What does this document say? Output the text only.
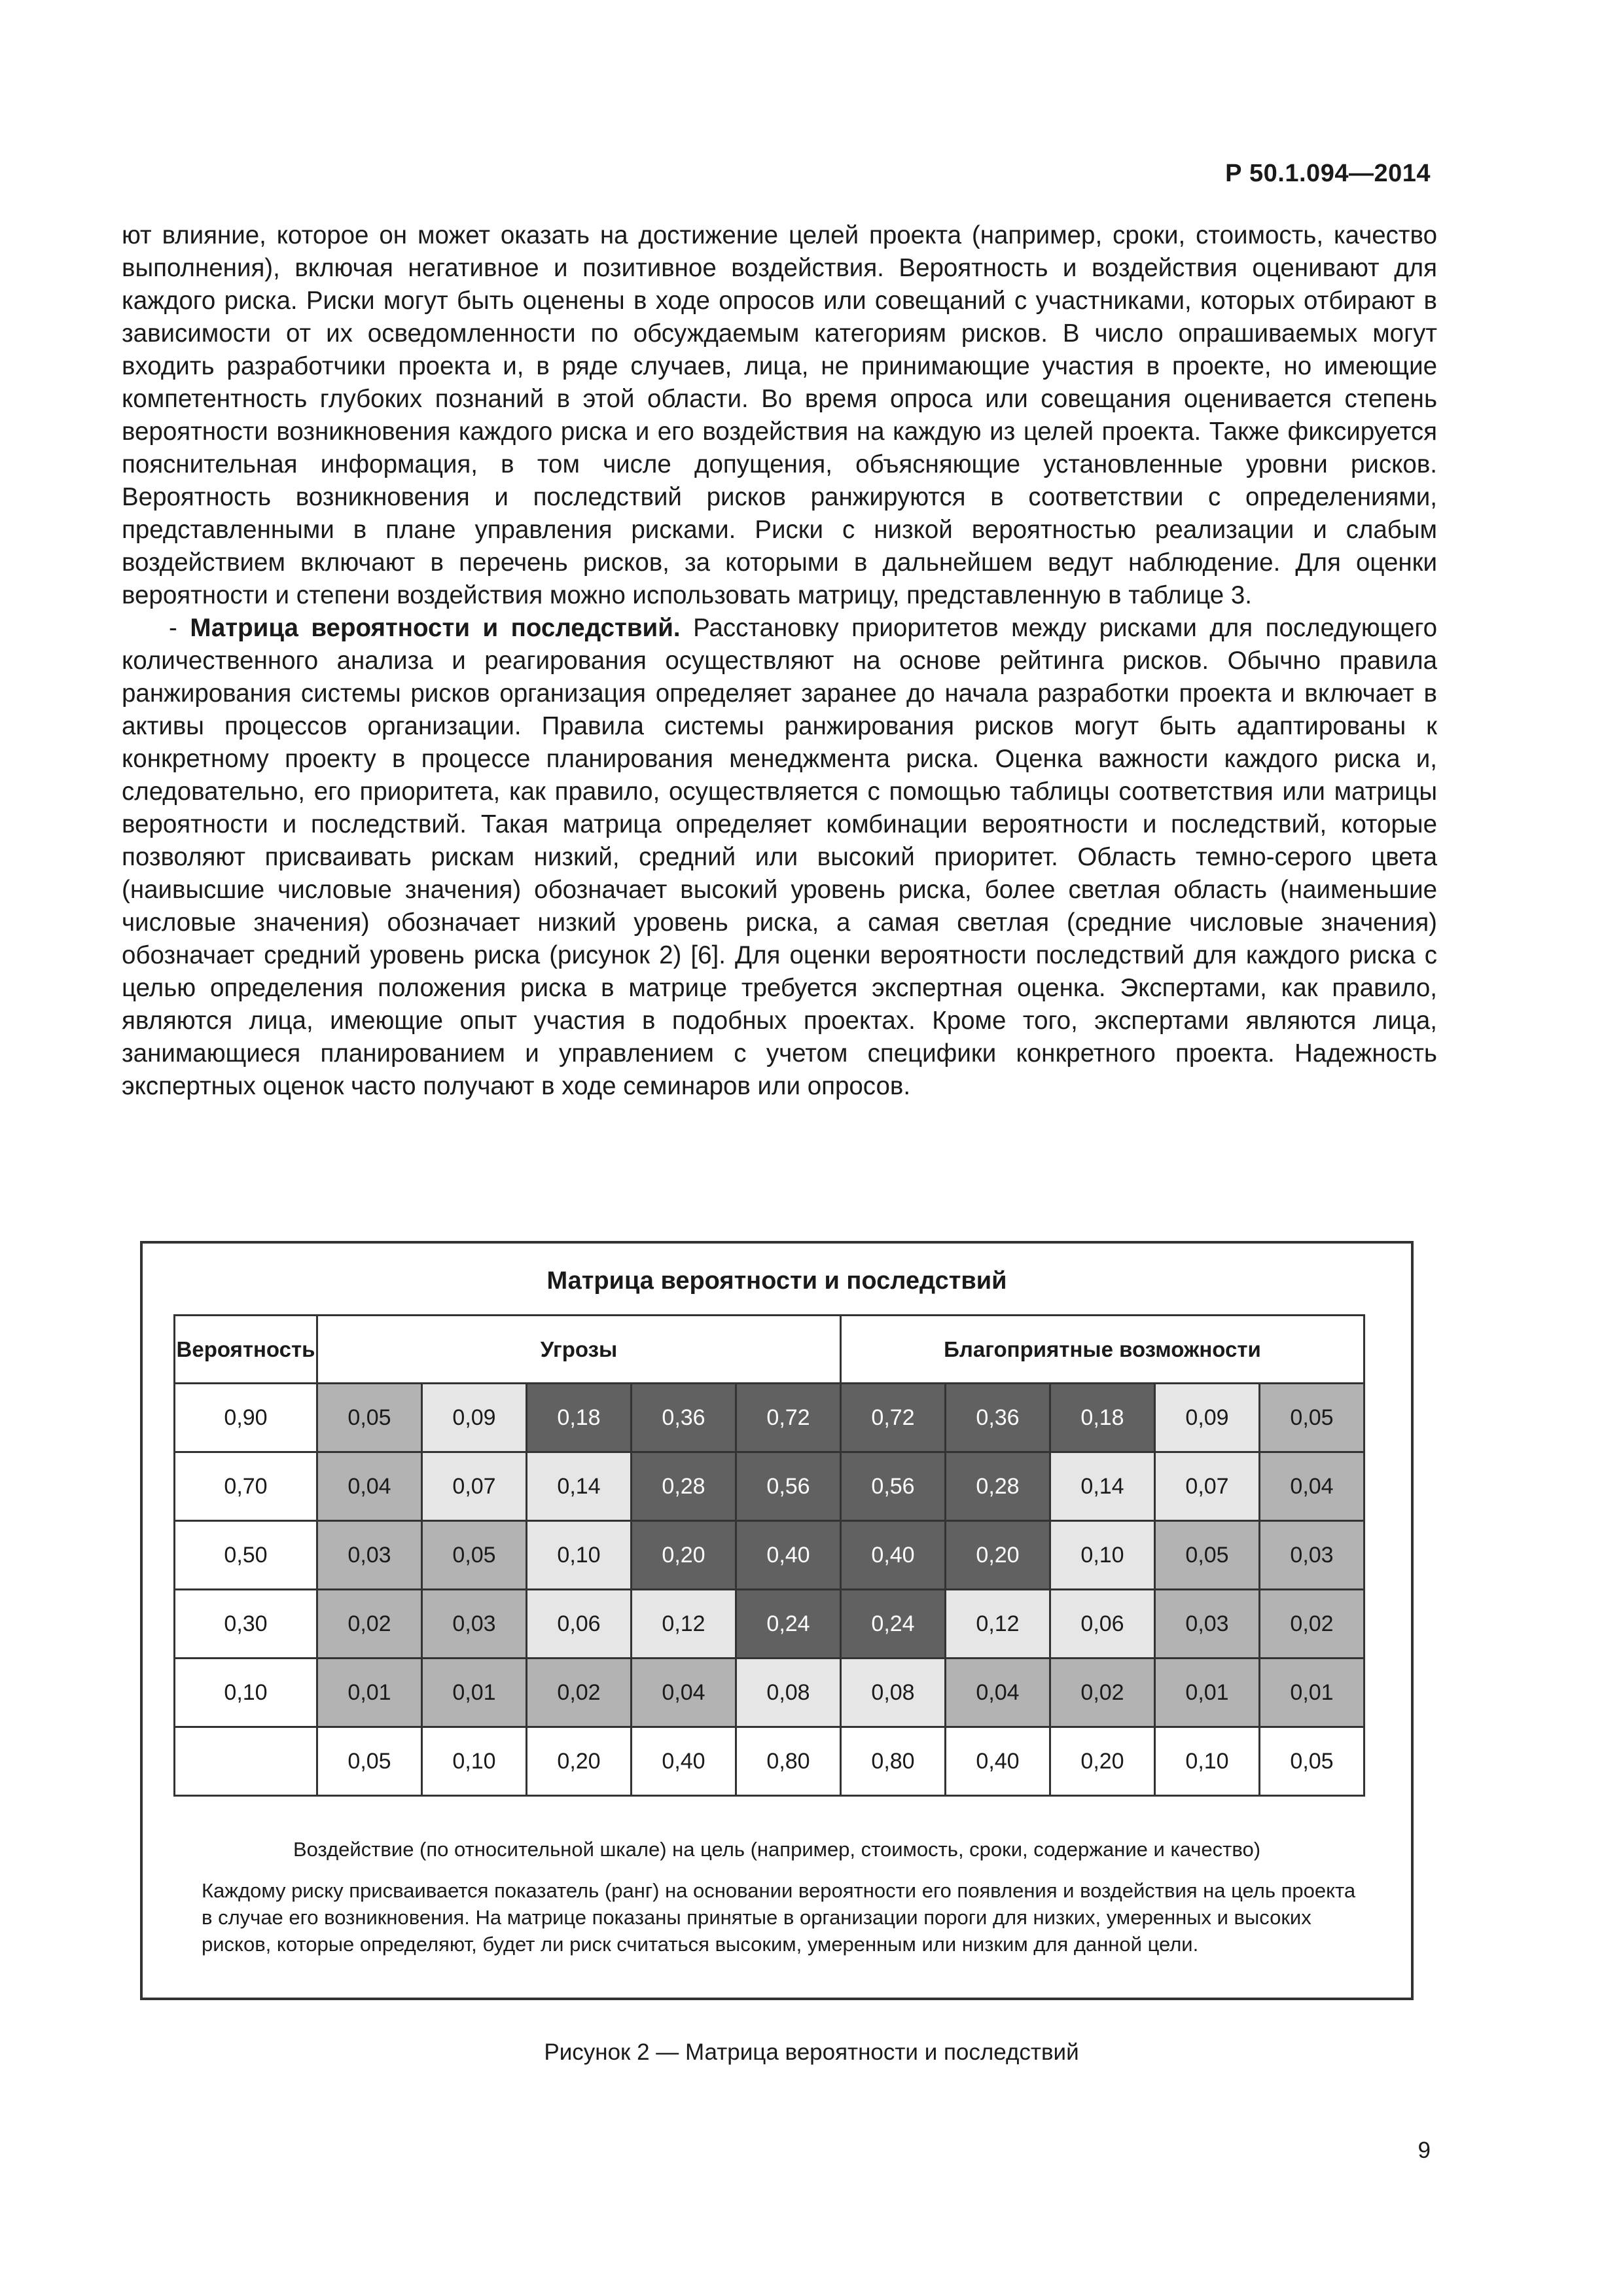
Р 50.1.094—2014

ют влияние, которое он может оказать на достижение целей проекта (например, сроки, стоимость, качество выполнения), включая негативное и позитивное воздействия. Вероятность и воздействия оценивают для каждого риска. Риски могут быть оценены в ходе опросов или совещаний с участниками, которых отбирают в зависимости от их осведомленности по обсуждаемым категориям рисков. В число опрашиваемых могут входить разработчики проекта и, в ряде случаев, лица, не принимающие участия в проекте, но имеющие компетентность глубоких познаний в этой области. Во время опроса или совещания оценивается степень вероятности возникновения каждого риска и его воздействия на каждую из целей проекта. Также фиксируется пояснительная информация, в том числе допущения, объясняющие установленные уровни рисков. Вероятность возникновения и последствий рисков ранжируются в соответствии с определениями, представленными в плане управления рисками. Риски с низкой вероятностью реализации и слабым воздействием включают в перечень рисков, за которыми в дальнейшем ведут наблюдение. Для оценки вероятности и степени воздействия можно использовать матрицу, представленную в таблице 3.

- Матрица вероятности и последствий. Расстановку приоритетов между рисками для последующего количественного анализа и реагирования осуществляют на основе рейтинга рисков. Обычно правила ранжирования системы рисков организация определяет заранее до начала разработки проекта и включает в активы процессов организации. Правила системы ранжирования рисков могут быть адаптированы к конкретному проекту в процессе планирования менеджмента риска. Оценка важности каждого риска и, следовательно, его приоритета, как правило, осуществляется с помощью таблицы соответствия или матрицы вероятности и последствий. Такая матрица определяет комбинации вероятности и последствий, которые позволяют присваивать рискам низкий, средний или высокий приоритет. Область темно-серого цвета (наивысшие числовые значения) обозначает высокий уровень риска, более светлая область (наименьшие числовые значения) обозначает низкий уровень риска, а самая светлая (средние числовые значения) обозначает средний уровень риска (рисунок 2) [6]. Для оценки вероятности последствий для каждого риска с целью определения положения риска в матрице требуется экспертная оценка. Экспертами, как правило, являются лица, имеющие опыт участия в подобных проектах. Кроме того, экспертами являются лица, занимающиеся планированием и управлением с учетом специфики конкретного проекта. Надежность экспертных оценок часто получают в ходе семинаров или опросов.

Матрица вероятности и последствий
Вероятность	Угрозы					Благоприятные возможности				
0,90	0,05	0,09	0,18	0,36	0,72	0,72	0,36	0,18	0,09	0,05
0,70	0,04	0,07	0,14	0,28	0,56	0,56	0,28	0,14	0,07	0,04
0,50	0,03	0,05	0,10	0,20	0,40	0,40	0,20	0,10	0,05	0,03
0,30	0,02	0,03	0,06	0,12	0,24	0,24	0,12	0,06	0,03	0,02
0,10	0,01	0,01	0,02	0,04	0,08	0,08	0,04	0,02	0,01	0,01
	0,05	0,10	0,20	0,40	0,80	0,80	0,40	0,20	0,10	0,05
Воздействие (по относительной шкале) на цель (например, стоимость, сроки, содержание и качество)
Каждому риску присваивается показатель (ранг) на основании вероятности его появления и воздействия на цель проекта в случае его возникновения. На матрице показаны принятые в организации пороги для низких, умеренных и высоких рисков, которые определяют, будет ли риск считаться высоким, умеренным или низким для данной цели.
Рисунок 2 — Матрица вероятности и последствий
9
